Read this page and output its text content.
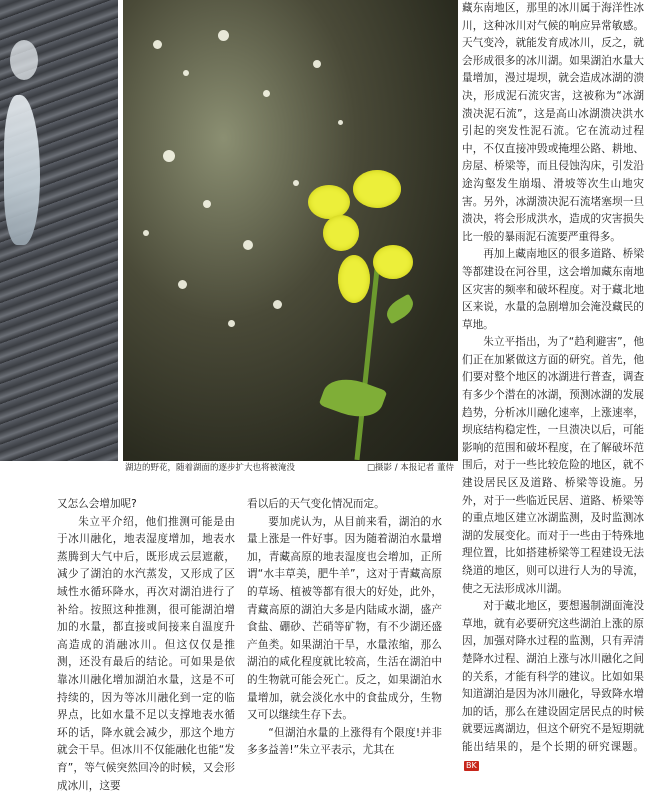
湖边的野花，随着湖面的逐步扩大也将被淹没	□摄影 / 本报记者 董侍

又怎么会增加呢?

朱立平介绍，他们推测可能是由于冰川融化，地表湿度增加，地表水蒸腾到大气中后，既形成云层遮蔽，减少了湖泊的水汽蒸发，又形成了区域性水循环降水，再次对湖泊进行了补给。按照这种推测，很可能湖泊增加的水量，都直接或间接来自温度升高造成的消融冰川。但这仅仅是推测，还没有最后的结论。可如果是依靠冰川融化增加湖泊水量，这是不可持续的，因为等冰川融化到一定的临界点，比如水量不足以支撑地表水循环的话，降水就会减少，那这个地方就会干旱。但冰川不仅能融化也能“发育”，等气候突然回冷的时候，又会形成冰川，这要

看以后的天气变化情况而定。

要加虎认为，从目前来看，湖泊的水量上涨是一件好事。因为随着湖泊水量增加，青藏高原的地表湿度也会增加，正所谓“水丰草美，肥牛羊”，这对于青藏高原的草场、植被等都有很大的好处，此外，青藏高原的湖泊大多是内陆咸水湖，盛产食盐、硼砂、芒硝等矿物，有不少湖还盛产鱼类。如果湖泊干旱，水量浓缩，那么湖泊的咸化程度就比较高，生活在湖泊中的生物就可能会死亡。反之，如果湖泊水量增加，就会淡化水中的食盐成分，生物又可以继续生存下去。

“但湖泊水量的上涨得有个限度!并非多多益善!”朱立平表示，尤其在

藏东南地区，那里的冰川属于海洋性冰川，这种冰川对气候的响应异常敏感。天气变冷，就能发育成冰川，反之，就会形成很多的冰川湖。如果湖泊水量大量增加，漫过堤坝，就会造成冰湖的溃决，形成泥石流灾害，这被称为“冰湖溃决泥石流”，这是高山冰湖溃决洪水引起的突发性泥石流。它在流动过程中，不仅直接冲毁或掩埋公路、耕地、房屋、桥梁等，而且侵蚀沟床，引发沿途沟壑发生崩塌、滑坡等次生山地灾害。另外，冰湖溃决泥石流堵塞坝一旦溃决，将会形成洪水，造成的灾害损失比一般的暴雨泥石流要严重得多。

再加上藏南地区的很多道路、桥梁等都建设在河谷里，这会增加藏东南地区灾害的频率和破坏程度。对于藏北地区来说，水量的急剧增加会淹没藏民的草地。

朱立平指出，为了“趋利避害”，他们正在加紧做这方面的研究。首先，他们要对整个地区的冰湖进行普查，调查有多少个潜在的冰湖，预测冰湖的发展趋势，分析冰川融化速率，上涨速率，坝底结构稳定性，一旦溃决以后，可能影响的范围和破坏程度，在了解破坏范围后，对于一些比较危险的地区，就不建设居民区及道路、桥梁等设施。另外，对于一些临近民居、道路、桥梁等的重点地区建立冰湖监测，及时监测冰湖的发展变化。而对于一些由于特殊地理位置，比如搭建桥梁等工程建设无法绕道的地区，则可以进行人为的导流，使之无法形成冰川湖。

对于藏北地区，要想遏制湖面淹没草地，就有必要研究这些湖泊上涨的原因，加强对降水过程的监测，只有弄清楚降水过程、湖泊上涨与冰川融化之间的关系，才能有科学的建议。比如如果知道湖泊是因为冰川融化，导致降水增加的话，那么在建设固定居民点的时候就要远离湖边，但这个研究不是短期就能出结果的，是个长期的研究课题。BK
